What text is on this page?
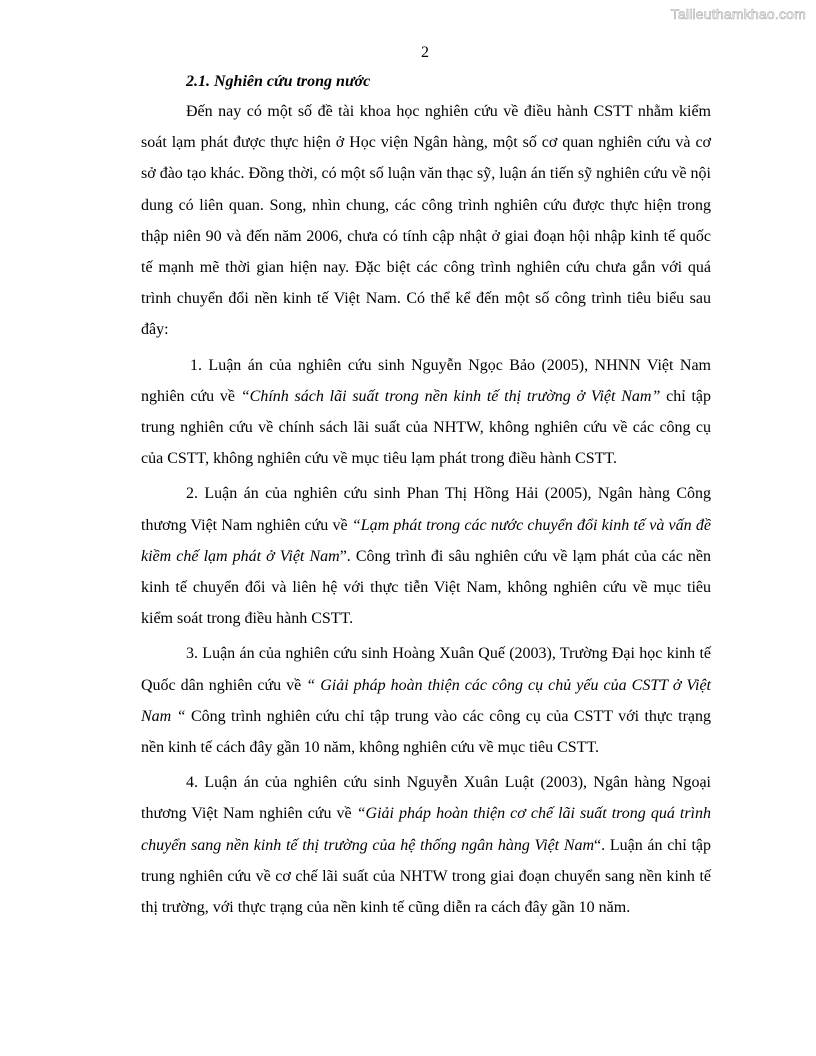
Tailieuthamkhao.com
2
2.1. Nghiên cứu trong nước

Đến nay có một số đề tài khoa học nghiên cứu về điều hành CSTT nhằm kiểm soát lạm phát được thực hiện ở Học viện Ngân hàng, một số cơ quan nghiên cứu và cơ sở đào tạo khác. Đồng thời, có một số luận văn thạc sỹ, luận án tiến sỹ nghiên cứu về nội dung có liên quan. Song, nhìn chung, các công trình nghiên cứu được thực hiện trong thập niên 90 và đến năm 2006, chưa có tính cập nhật ở giai đoạn hội nhập kinh tế quốc tế mạnh mẽ thời gian hiện nay. Đặc biệt các công trình nghiên cứu chưa gắn với quá trình chuyển đổi nền kinh tế Việt Nam. Có thể kể đến một số công trình tiêu biểu sau đây:

1. Luận án của nghiên cứu sinh Nguyễn Ngọc Bảo (2005), NHNN Việt Nam nghiên cứu về “Chính sách lãi suất trong nền kinh tế thị trường ở Việt Nam” chỉ tập trung nghiên cứu về chính sách lãi suất của NHTW, không nghiên cứu về các công cụ của CSTT, không nghiên cứu về mục tiêu lạm phát trong điều hành CSTT.

2. Luận án của nghiên cứu sinh Phan Thị Hồng Hải (2005), Ngân hàng Công thương Việt Nam nghiên cứu về “Lạm phát trong các nước chuyển đổi kinh tế và vấn đề kiềm chế lạm phát ở Việt Nam”. Công trình đi sâu nghiên cứu về lạm phát của các nền kinh tế chuyển đổi và liên hệ với thực tiễn Việt Nam, không nghiên cứu về mục tiêu kiểm soát trong điều hành CSTT.

3. Luận án của nghiên cứu sinh Hoàng Xuân Quế (2003), Trường Đại học kinh tế Quốc dân nghiên cứu về “ Giải pháp hoàn thiện các công cụ chủ yếu của CSTT ở Việt Nam “ Công trình nghiên cứu chỉ tập trung vào các công cụ của CSTT với thực trạng nền kinh tế cách đây gần 10 năm, không nghiên cứu về mục tiêu CSTT.

4. Luận án của nghiên cứu sinh Nguyễn Xuân Luật (2003), Ngân hàng Ngoại thương Việt Nam nghiên cứu về “Giải pháp hoàn thiện cơ chế lãi suất trong quá trình chuyển sang nền kinh tế thị trường của hệ thống ngân hàng Việt Nam“. Luận án chỉ tập trung nghiên cứu về cơ chế lãi suất của NHTW trong giai đoạn chuyển sang nền kinh tế thị trường, với thực trạng của nền kinh tế cũng diễn ra cách đây gần 10 năm.
